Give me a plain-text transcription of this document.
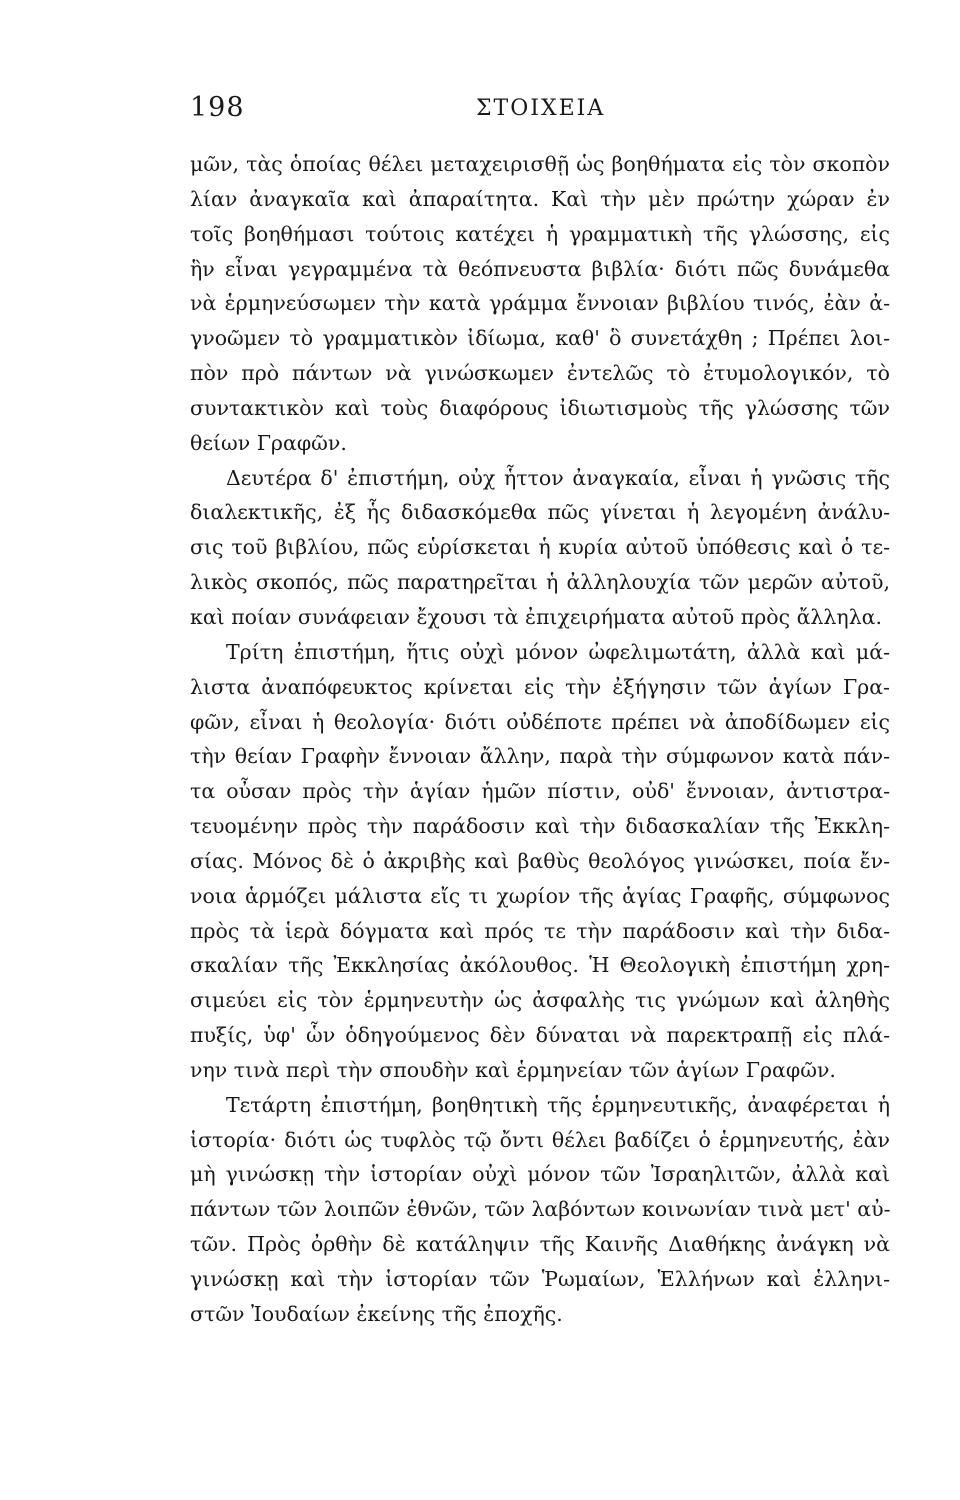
198	ΣΤΟΙΧΕΙΑ
μῶν, τὰς ὁποίας θέλει μεταχειρισθῇ ὡς βοηθήματα εἰς τὸν σκοπὸν
λίαν ἀναγκαῖα καὶ ἀπαραίτητα. Καὶ τὴν μὲν πρώτην χώραν ἐν
τοῖς βοηθήμασι τούτοις κατέχει ἡ γραμματικὴ τῆς γλώσσης, εἰς
ἣν εἶναι γεγραμμένα τὰ θεόπνευστα βιβλία· διότι πῶς δυνάμεθα
νὰ ἑρμηνεύσωμεν τὴν κατὰ γράμμα ἔννοιαν βιβλίου τινός, ἐὰν ἀ-
γνοῶμεν τὸ γραμματικὸν ἰδίωμα, καθ' ὃ συνετάχθη ; Πρέπει λοι-
πὸν πρὸ πάντων νὰ γινώσκωμεν ἐντελῶς τὸ ἐτυμολογικόν, τὸ
συντακτικὸν καὶ τοὺς διαφόρους ἰδιωτισμοὺς τῆς γλώσσης τῶν
θείων Γραφῶν.
Δευτέρα δ' ἐπιστήμη, οὐχ ἧττον ἀναγκαία, εἶναι ἡ γνῶσις τῆς
διαλεκτικῆς, ἐξ ἧς διδασκόμεθα πῶς γίνεται ἡ λεγομένη ἀνάλυ-
σις τοῦ βιβλίου, πῶς εὑρίσκεται ἡ κυρία αὐτοῦ ὑπόθεσις καὶ ὁ τε-
λικὸς σκοπός, πῶς παρατηρεῖται ἡ ἀλληλουχία τῶν μερῶν αὐτοῦ,
καὶ ποίαν συνάφειαν ἔχουσι τὰ ἐπιχειρήματα αὐτοῦ πρὸς ἄλληλα.
Τρίτη ἐπιστήμη, ἥτις οὐχὶ μόνον ὠφελιμωτάτη, ἀλλὰ καὶ μά-
λιστα ἀναπόφευκτος κρίνεται εἰς τὴν ἐξήγησιν τῶν ἁγίων Γρα-
φῶν, εἶναι ἡ θεολογία· διότι οὐδέποτε πρέπει νὰ ἀποδίδωμεν εἰς
τὴν θείαν Γραφὴν ἔννοιαν ἄλλην, παρὰ τὴν σύμφωνον κατὰ πάν-
τα οὖσαν πρὸς τὴν ἁγίαν ἡμῶν πίστιν, οὐδ' ἔννοιαν, ἀντιστρα-
τευομένην πρὸς τὴν παράδοσιν καὶ τὴν διδασκαλίαν τῆς Ἐκκλη-
σίας. Μόνος δὲ ὁ ἀκριβὴς καὶ βαθὺς θεολόγος γινώσκει, ποία ἔν-
νοια ἁρμόζει μάλιστα εἴς τι χωρίον τῆς ἁγίας Γραφῆς, σύμφωνος
πρὸς τὰ ἱερὰ δόγματα καὶ πρός τε τὴν παράδοσιν καὶ τὴν διδα-
σκαλίαν τῆς Ἐκκλησίας ἀκόλουθος. Ἡ Θεολογικὴ ἐπιστήμη χρη-
σιμεύει εἰς τὸν ἑρμηνευτὴν ὡς ἀσφαλὴς τις γνώμων καὶ ἀληθὴς
πυξίς, ὑφ' ὧν ὁδηγούμενος δὲν δύναται νὰ παρεκτραπῇ εἰς πλά-
νην τινὰ περὶ τὴν σπουδὴν καὶ ἑρμηνείαν τῶν ἁγίων Γραφῶν.
Τετάρτη ἐπιστήμη, βοηθητικὴ τῆς ἑρμηνευτικῆς, ἀναφέρεται ἡ
ἱστορία· διότι ὡς τυφλὸς τῷ ὄντι θέλει βαδίζει ὁ ἑρμηνευτής, ἐὰν
μὴ γινώσκῃ τὴν ἱστορίαν οὐχὶ μόνον τῶν Ἰσραηλιτῶν, ἀλλὰ καὶ
πάντων τῶν λοιπῶν ἐθνῶν, τῶν λαβόντων κοινωνίαν τινὰ μετ' αὐ-
τῶν. Πρὸς ὀρθὴν δὲ κατάληψιν τῆς Καινῆς Διαθήκης ἀνάγκη νὰ
γινώσκῃ καὶ τὴν ἱστορίαν τῶν Ῥωμαίων, Ἑλλήνων καὶ ἑλληνι-
στῶν Ἰουδαίων ἐκείνης τῆς ἐποχῆς.
